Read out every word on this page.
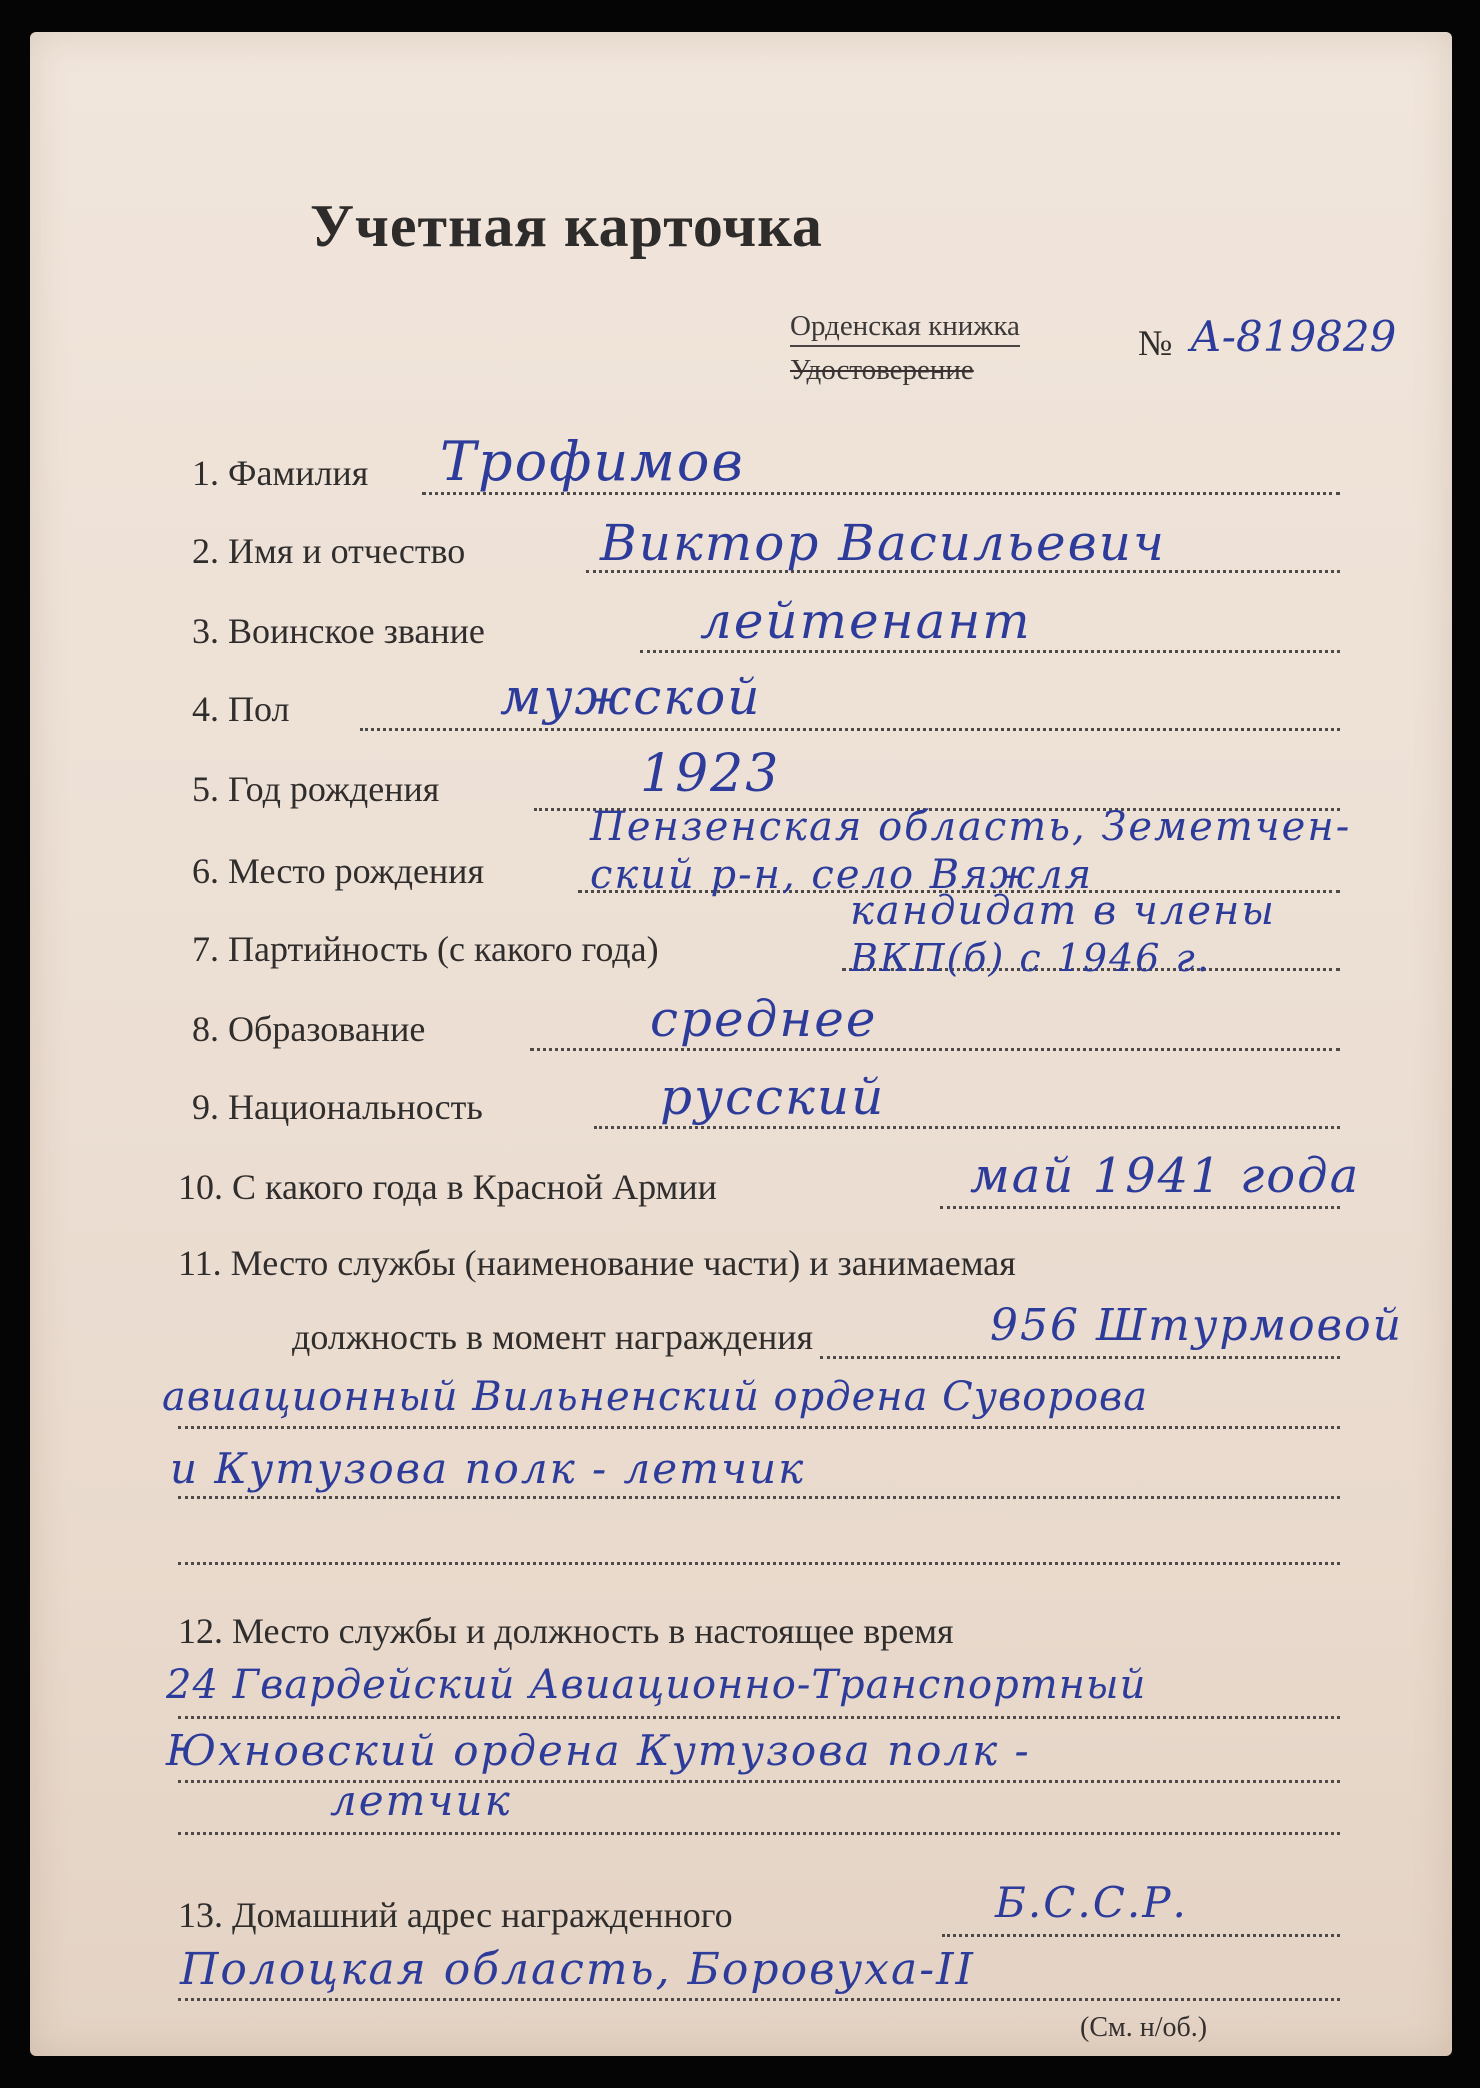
Учетная карточка
Орденская книжка
Удостоверение
№ А-819829
1. Фамилия Трофимов
2. Имя и отчество	Виктор Васильевич
3. Воинское звание	лейтенант
4. Пол	мужской
5. Год рождения	1923
Пензенская область, Земетчен-
6. Место рождения	ский р-н, село Вяжля
кандидат в члены
7. Партийность (с какого года)	ВКП(б) с 1946 г.
8. Образование	среднее
9. Национальность	русский
10. С какого года в Красной Армии	май 1941 года
11. Место службы (наименование части) и занимаемая
должность в момент награждения	956 Штурмовой
авиационный Вильненский ордена Суворова
и Кутузова полк - летчик
12. Место службы и должность в настоящее время
24 Гвардейский Авиационно-Транспортный
Юхновский ордена Кутузова полк -
летчик
13. Домашний адрес награжденного	Б.С.С.Р.
Полоцкая область, Боровуха-II
(См. н/об.)
